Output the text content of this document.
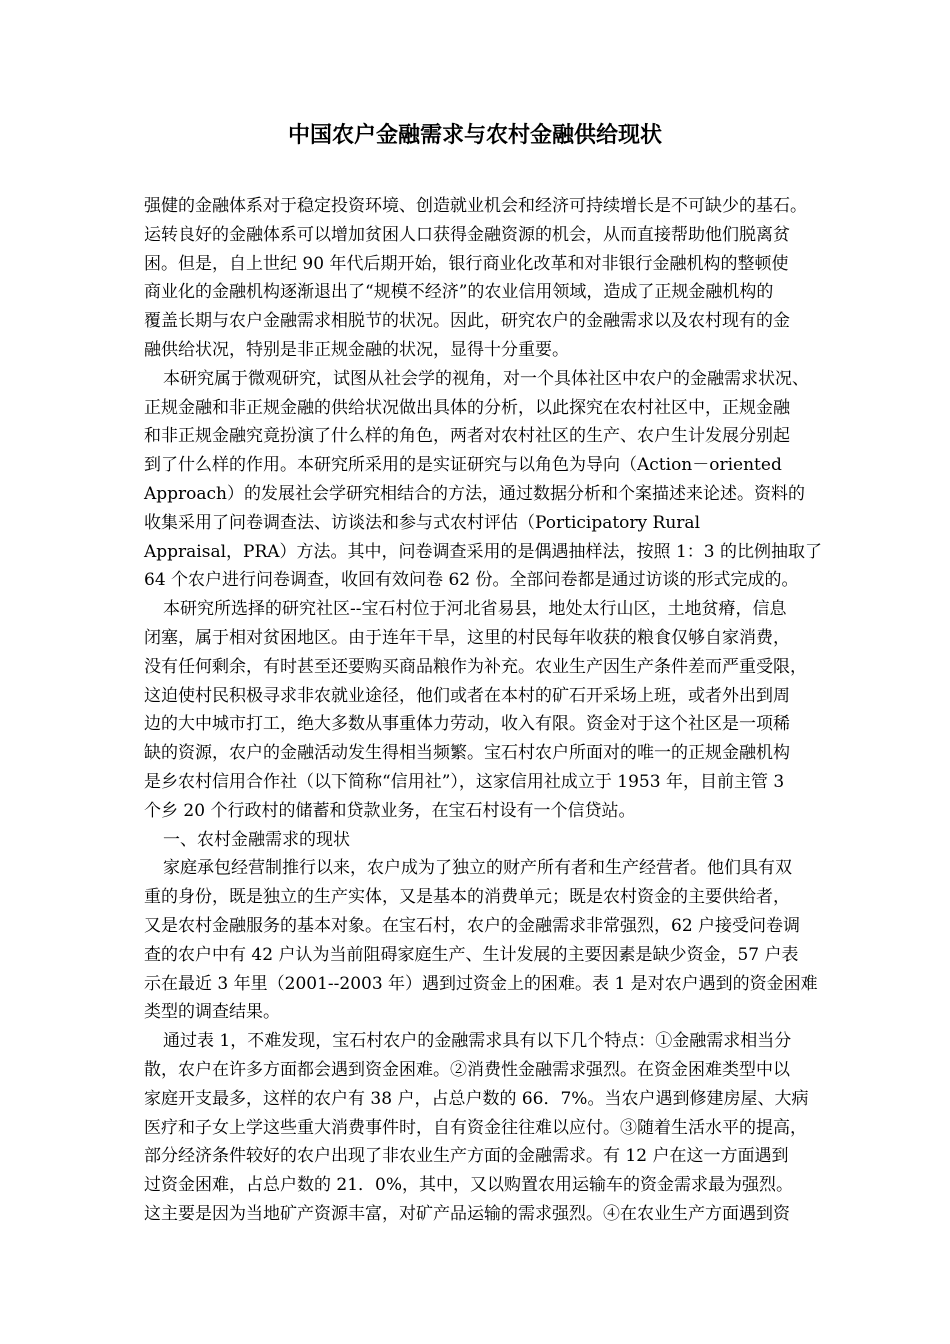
中国农户金融需求与农村金融供给现状
强健的金融体系对于稳定投资环境、创造就业机会和经济可持续增长是不可缺少的基石。
运转良好的金融体系可以增加贫困人口获得金融资源的机会，从而直接帮助他们脱离贫
困。但是，自上世纪 90 年代后期开始，银行商业化改革和对非银行金融机构的整顿使
商业化的金融机构逐渐退出了“规模不经济”的农业信用领域，造成了正规金融机构的
覆盖长期与农户金融需求相脱节的状况。因此，研究农户的金融需求以及农村现有的金
融供给状况，特别是非正规金融的状况，显得十分重要。
本研究属于微观研究，试图从社会学的视角，对一个具体社区中农户的金融需求状况、
正规金融和非正规金融的供给状况做出具体的分析，以此探究在农村社区中，正规金融
和非正规金融究竟扮演了什么样的角色，两者对农村社区的生产、农户生计发展分别起
到了什么样的作用。本研究所采用的是实证研究与以角色为导向（Action－oriented
Approach）的发展社会学研究相结合的方法，通过数据分析和个案描述来论述。资料的
收集采用了问卷调查法、访谈法和参与式农村评估（Porticipatory Rural
Appraisal，PRA）方法。其中，问卷调查采用的是偶遇抽样法，按照 1：3 的比例抽取了
64 个农户进行问卷调查，收回有效问卷 62 份。全部问卷都是通过访谈的形式完成的。
本研究所选择的研究社区--宝石村位于河北省易县，地处太行山区，土地贫瘠，信息
闭塞，属于相对贫困地区。由于连年干旱，这里的村民每年收获的粮食仅够自家消费，
没有任何剩余，有时甚至还要购买商品粮作为补充。农业生产因生产条件差而严重受限，
这迫使村民积极寻求非农就业途径，他们或者在本村的矿石开采场上班，或者外出到周
边的大中城市打工，绝大多数从事重体力劳动，收入有限。资金对于这个社区是一项稀
缺的资源，农户的金融活动发生得相当频繁。宝石村农户所面对的唯一的正规金融机构
是乡农村信用合作社（以下简称“信用社”），这家信用社成立于 1953 年，目前主管 3
个乡 20 个行政村的储蓄和贷款业务，在宝石村设有一个信贷站。
一、农村金融需求的现状
家庭承包经营制推行以来，农户成为了独立的财产所有者和生产经营者。他们具有双
重的身份，既是独立的生产实体，又是基本的消费单元；既是农村资金的主要供给者，
又是农村金融服务的基本对象。在宝石村，农户的金融需求非常强烈，62 户接受问卷调
查的农户中有 42 户认为当前阻碍家庭生产、生计发展的主要因素是缺少资金，57 户表
示在最近 3 年里（2001--2003 年）遇到过资金上的困难。表 1 是对农户遇到的资金困难
类型的调查结果。
通过表 1，不难发现，宝石村农户的金融需求具有以下几个特点：①金融需求相当分
散，农户在许多方面都会遇到资金困难。②消费性金融需求强烈。在资金困难类型中以
家庭开支最多，这样的农户有 38 户，占总户数的 66．7%。当农户遇到修建房屋、大病
医疗和子女上学这些重大消费事件时，自有资金往往难以应付。③随着生活水平的提高，
部分经济条件较好的农户出现了非农业生产方面的金融需求。有 12 户在这一方面遇到
过资金困难，占总户数的 21．0%，其中，又以购置农用运输车的资金需求最为强烈。
这主要是因为当地矿产资源丰富，对矿产品运输的需求强烈。④在农业生产方面遇到资
